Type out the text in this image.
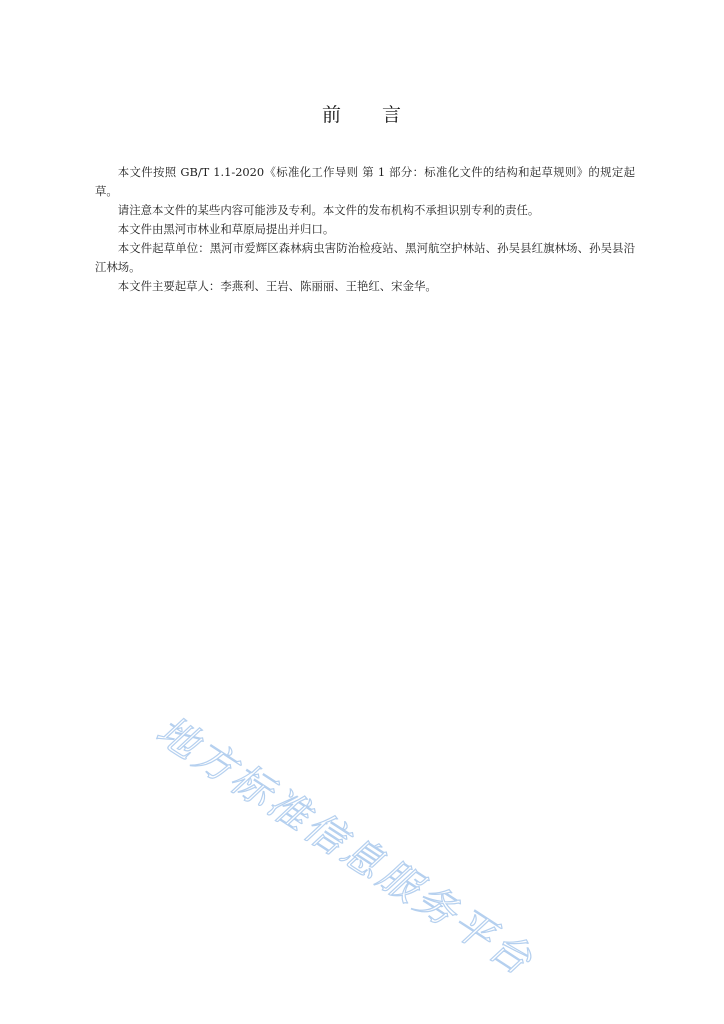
前 言

本文件按照 GB/T 1.1-2020《标准化工作导则 第 1 部分：标准化文件的结构和起草规则》的规定起草。

请注意本文件的某些内容可能涉及专利。本文件的发布机构不承担识别专利的责任。

本文件由黑河市林业和草原局提出并归口。

本文件起草单位：黑河市爱辉区森林病虫害防治检疫站、黑河航空护林站、孙吴县红旗林场、孙吴县沿江林场。

本文件主要起草人：李燕利、王岩、陈丽丽、王艳红、宋金华。

地方标准信息服务平台
